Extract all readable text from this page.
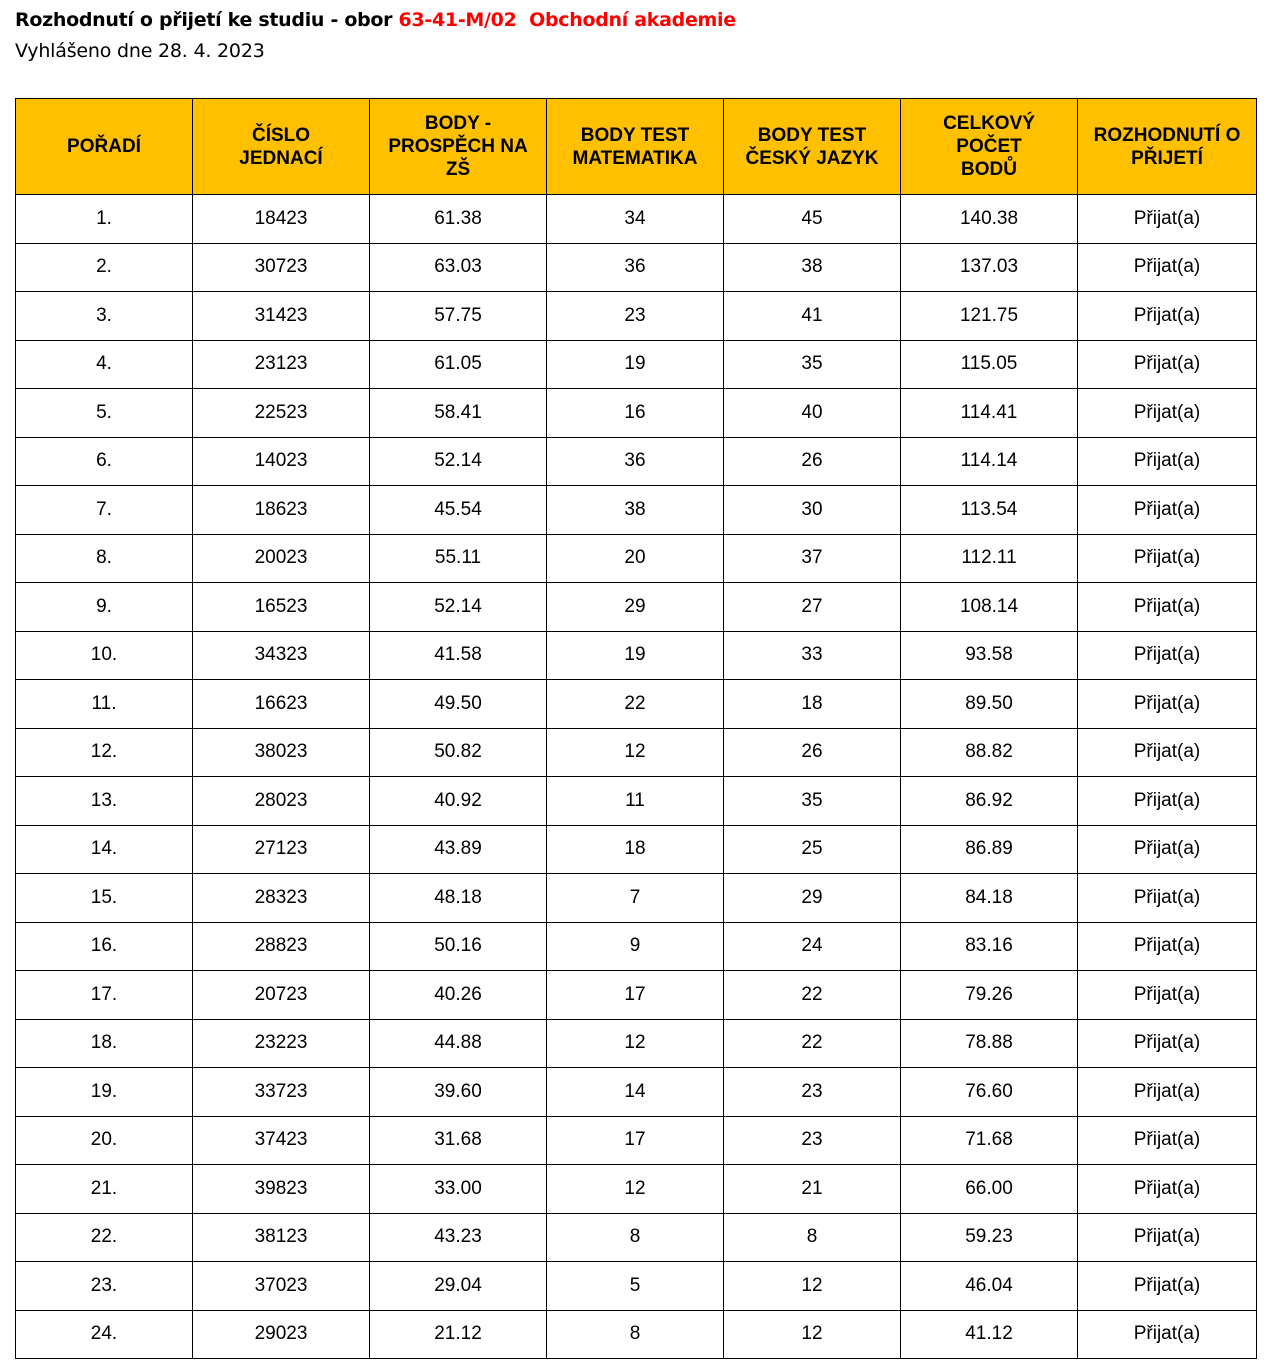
Rozhodnutí o přijetí ke studiu - obor 63-41-M/02 Obchodní akademie
Vyhlášeno dne 28. 4. 2023
POŘADÍ	ČÍSLO JEDNACÍ	BODY - PROSPĚCH NA ZŠ	BODY TEST MATEMATIKA	BODY TEST ČESKÝ JAZYK	CELKOVÝ POČET BODŮ	ROZHODNUTÍ O PŘIJETÍ

1.	18423	61.38	34	45	140.38	Přijat(a)
2.	30723	63.03	36	38	137.03	Přijat(a)
3.	31423	57.75	23	41	121.75	Přijat(a)
4.	23123	61.05	19	35	115.05	Přijat(a)
5.	22523	58.41	16	40	114.41	Přijat(a)
6.	14023	52.14	36	26	114.14	Přijat(a)
7.	18623	45.54	38	30	113.54	Přijat(a)
8.	20023	55.11	20	37	112.11	Přijat(a)
9.	16523	52.14	29	27	108.14	Přijat(a)
10.	34323	41.58	19	33	93.58	Přijat(a)
11.	16623	49.50	22	18	89.50	Přijat(a)
12.	38023	50.82	12	26	88.82	Přijat(a)
13.	28023	40.92	11	35	86.92	Přijat(a)
14.	27123	43.89	18	25	86.89	Přijat(a)
15.	28323	48.18	7	29	84.18	Přijat(a)
16.	28823	50.16	9	24	83.16	Přijat(a)
17.	20723	40.26	17	22	79.26	Přijat(a)
18.	23223	44.88	12	22	78.88	Přijat(a)
19.	33723	39.60	14	23	76.60	Přijat(a)
20.	37423	31.68	17	23	71.68	Přijat(a)
21.	39823	33.00	12	21	66.00	Přijat(a)
22.	38123	43.23	8	8	59.23	Přijat(a)
23.	37023	29.04	5	12	46.04	Přijat(a)
24.	29023	21.12	8	12	41.12	Přijat(a)
